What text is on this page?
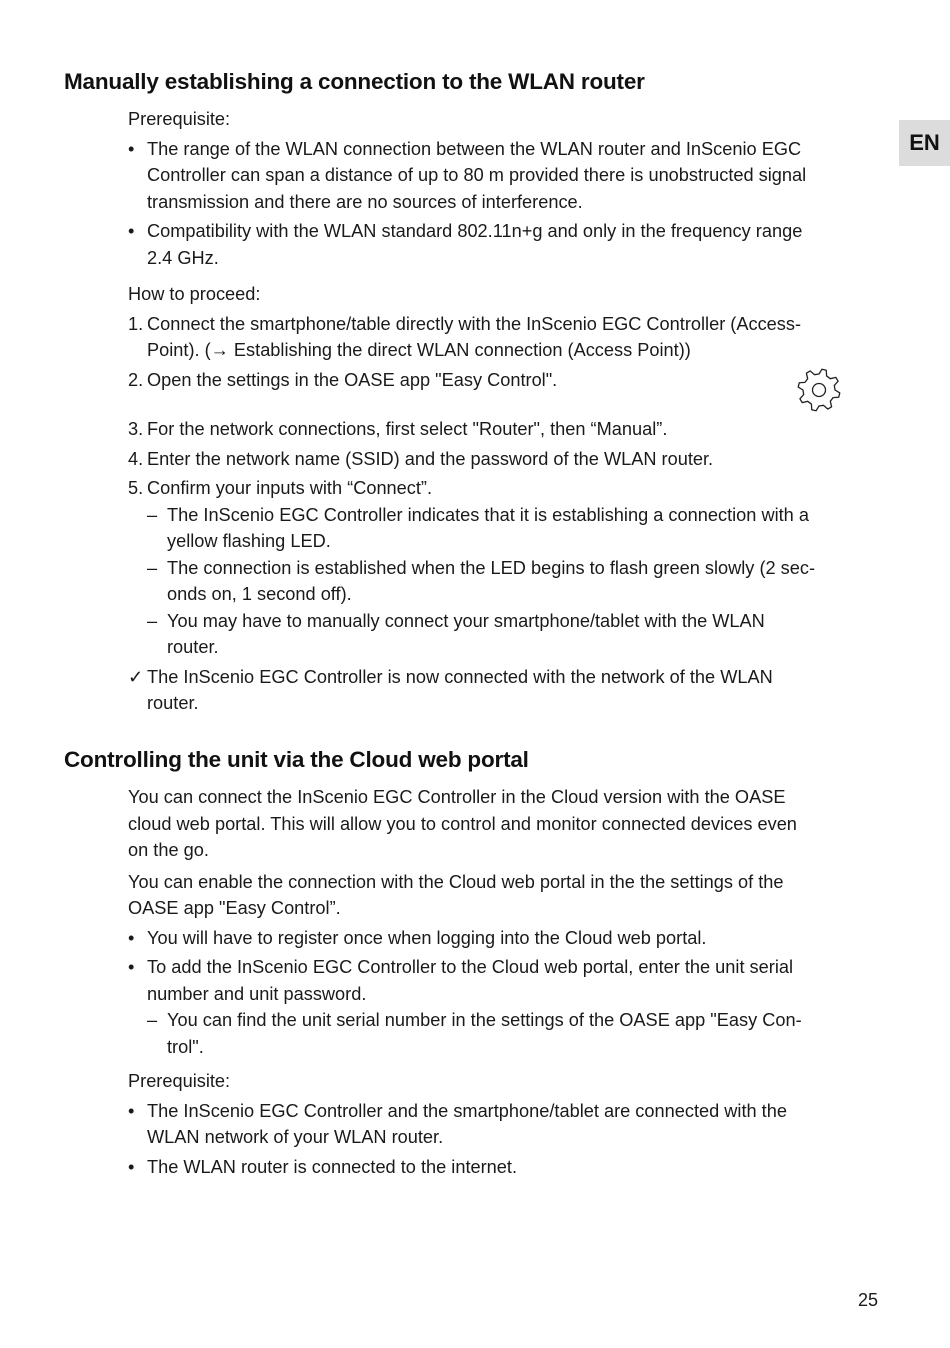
EN
Manually establishing a connection to the WLAN router

Prerequisite:

• The range of the WLAN connection between the WLAN router and InScenio EGC
Controller can span a distance of up to 80 m provided there is unobstructed signal
transmission and there are no sources of interference.
• Compatibility with the WLAN standard 802.11n+g and only in the frequency range
2.4 GHz.

How to proceed:

1. Connect the smartphone/table directly with the InScenio EGC Controller (Access-
Point). (→ Establishing the direct WLAN connection (Access Point))
2. Open the settings in the OASE app "Easy Control".
3. For the network connections, first select "Router", then “Manual”.
4. Enter the network name (SSID) and the password of the WLAN router.
5. Confirm your inputs with “Connect”.
– The InScenio EGC Controller indicates that it is establishing a connection with a
yellow flashing LED.
– The connection is established when the LED begins to flash green slowly (2 sec-
onds on, 1 second off).
– You may have to manually connect your smartphone/tablet with the WLAN
router.
✓ The InScenio EGC Controller is now connected with the network of the WLAN
router.
Controlling the unit via the Cloud web portal

You can connect the InScenio EGC Controller in the Cloud version with the OASE
cloud web portal. This will allow you to control and monitor connected devices even
on the go.

You can enable the connection with the Cloud web portal in the the settings of the
OASE app "Easy Control”.

• You will have to register once when logging into the Cloud web portal.
• To add the InScenio EGC Controller to the Cloud web portal, enter the unit serial
number and unit password.
– You can find the unit serial number in the settings of the OASE app "Easy Con-
trol".

Prerequisite:

• The InScenio EGC Controller and the smartphone/tablet are connected with the
WLAN network of your WLAN router.
• The WLAN router is connected to the internet.
25
